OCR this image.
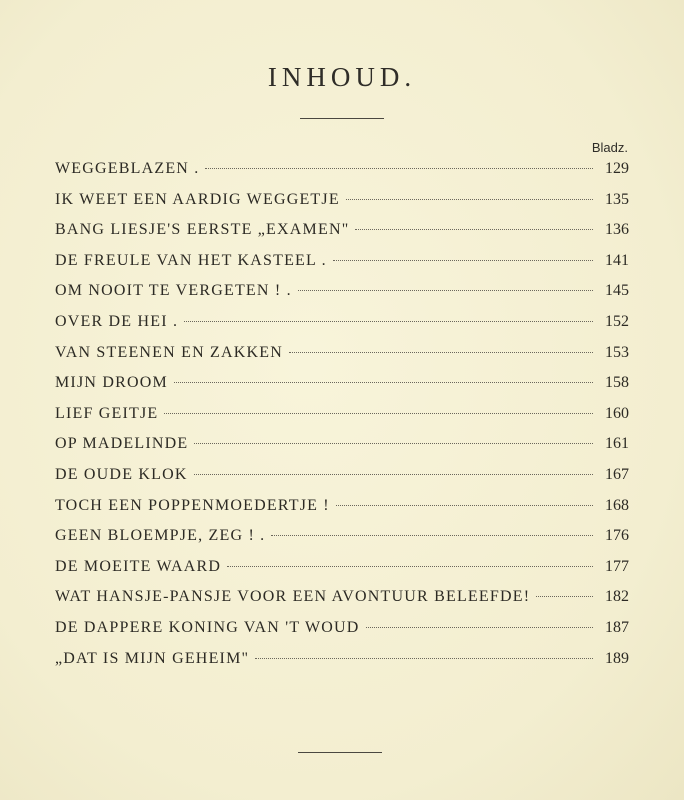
INHOUD.
Bladz.
WEGGEBLAZEN .	129
IK WEET EEN AARDIG WEGGETJE	135
BANG LIESJE'S EERSTE „EXAMEN"	136
DE FREULE VAN HET KASTEEL .	141
OM NOOIT TE VERGETEN ! .	145
OVER DE HEI .	152
VAN STEENEN EN ZAKKEN	153
MIJN DROOM	158
LIEF GEITJE	160
OP MADELINDE	161
DE OUDE KLOK	167
TOCH EEN POPPENMOEDERTJE !	168
GEEN BLOEMPJE, ZEG ! .	176
DE MOEITE WAARD	177
WAT HANSJE-PANSJE VOOR EEN AVONTUUR BELEEFDE!	182
DE DAPPERE KONING VAN 'T WOUD	187
„DAT IS MIJN GEHEIM"	189
